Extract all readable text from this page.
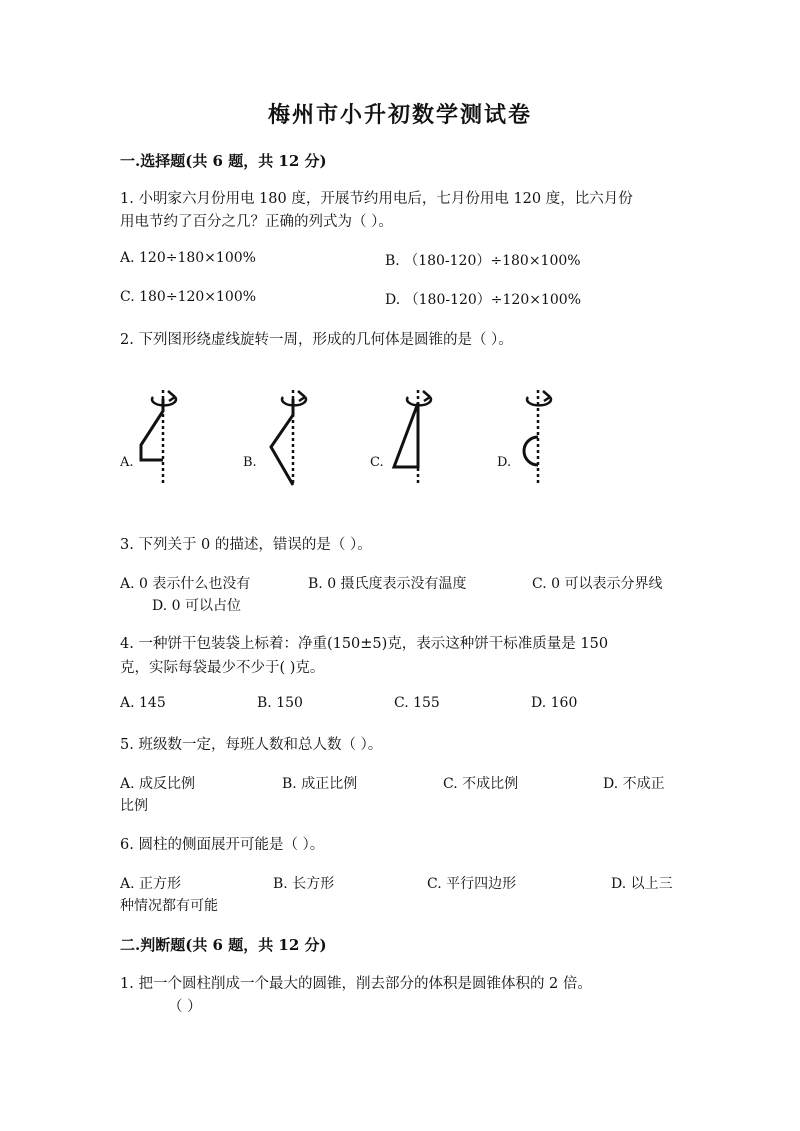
梅州市小升初数学测试卷
一.选择题(共 6 题，共 12 分)
1. 小明家六月份用电 180 度，开展节约用电后，七月份用电 120 度，比六月份
用电节约了百分之几？正确的列式为（ ）。
A. 120÷180×100%	B. （180-120）÷180×100%
C. 180÷120×100%	D. （180-120）÷120×100%
2. 下列图形绕虚线旋转一周，形成的几何体是圆锥的是（ ）。
A.	B.	C.	D.
3. 下列关于 0 的描述，错误的是（ ）。
A. 0 表示什么也没有	B. 0 摄氏度表示没有温度	C. 0 可以表示分界线
D. 0 可以占位
4. 一种饼干包装袋上标着：净重(150±5)克，表示这种饼干标准质量是 150
克，实际每袋最少不少于( )克。
A. 145	B. 150	C. 155	D. 160
5. 班级数一定，每班人数和总人数（ ）。
A. 成反比例	B. 成正比例	C. 不成比例	D. 不成正
比例
6. 圆柱的侧面展开可能是（ ）。
A. 正方形	B. 长方形	C. 平行四边形	D. 以上三
种情况都有可能
二.判断题(共 6 题，共 12 分)
1. 把一个圆柱削成一个最大的圆锥，削去部分的体积是圆锥体积的 2 倍。
（ ）
